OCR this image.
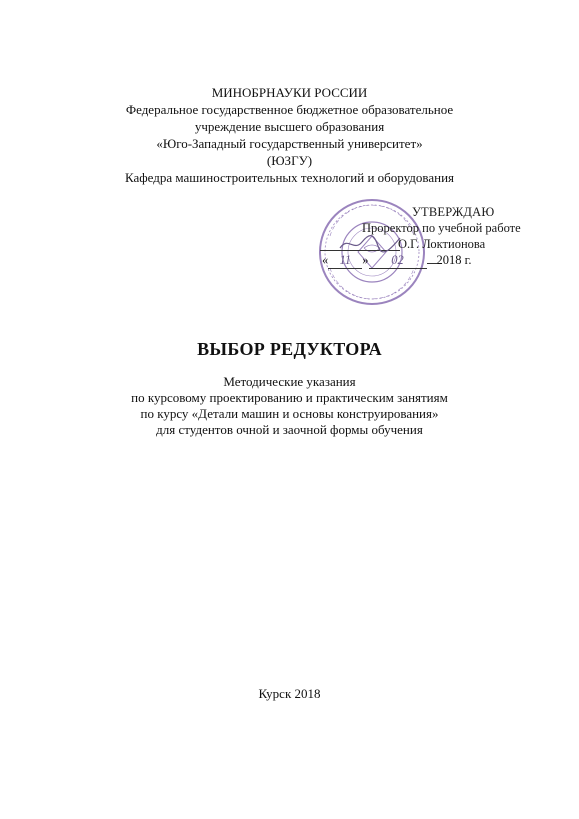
МИНОБРНАУКИ РОССИИ
Федеральное государственное бюджетное образовательное
учреждение высшего образования
«Юго-Западный государственный университет»
(ЮЗГУ)
Кафедра машиностроительных технологий и оборудования
УТВЕРЖДАЮ
Проректор по учебной работе
О.Г. Локтионова
« 11 » 02	2018 г.
ВЫБОР РЕДУКТОРА
Методические указания
по курсовому проектированию и практическим занятиям
по курсу «Детали машин и основы конструирования»
для студентов очной и заочной формы обучения
Курск 2018
